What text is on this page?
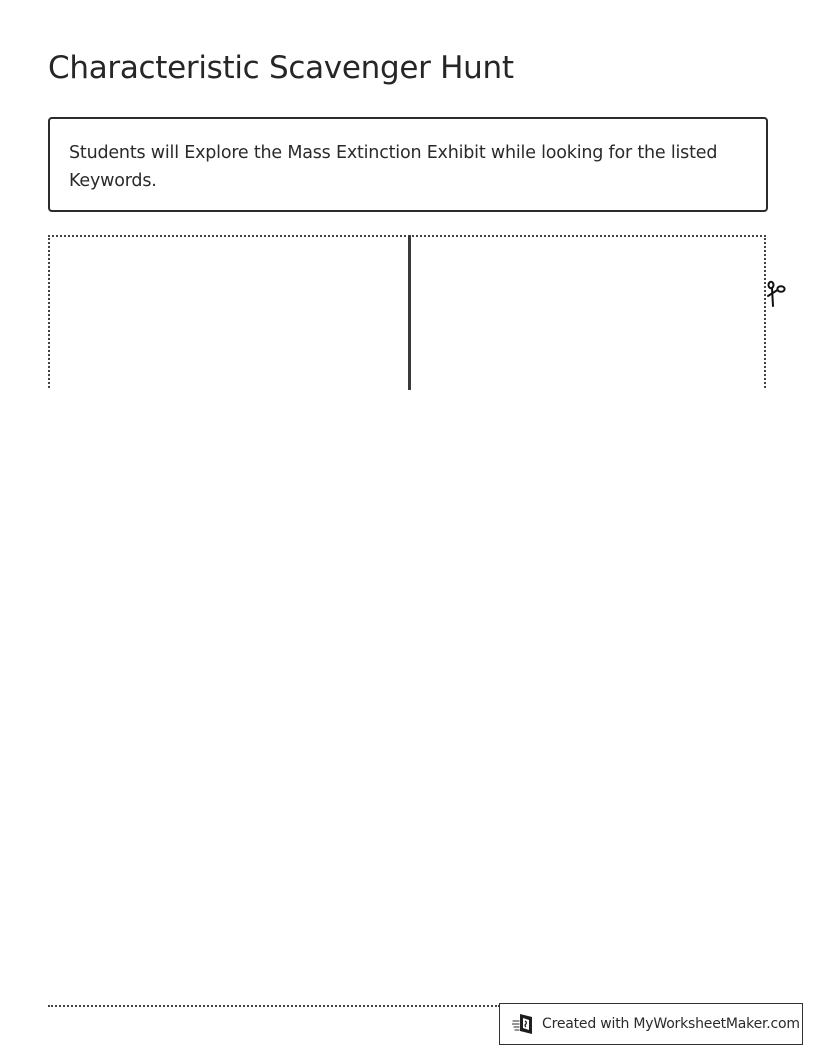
Characteristic Scavenger Hunt
Students will Explore the Mass Extinction Exhibit while looking for the listed Keywords.
Created with MyWorksheetMaker.com
